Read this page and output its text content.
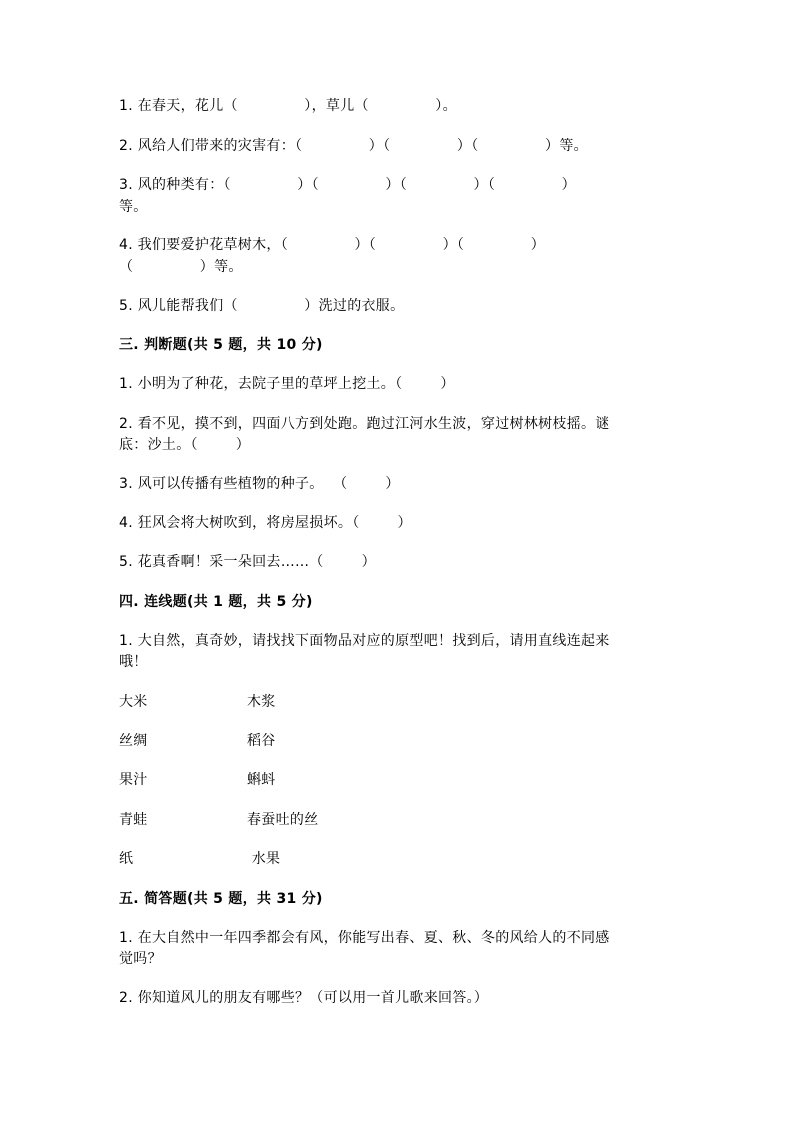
1. 在春天，花儿（              ），草儿（              ）。
2. 风给人们带来的灾害有：（              ）（              ）（              ）等。
3. 风的种类有：（              ）（              ）（              ）（              ）
等。
4. 我们要爱护花草树木，（              ）（              ）（              ）
（              ）等。
5. 风儿能帮我们（              ）洗过的衣服。
三. 判断题(共 5 题，共 10 分)
1. 小明为了种花，去院子里的草坪上挖土。（        ）
2. 看不见，摸不到，四面八方到处跑。跑过江河水生波，穿过树林树枝摇。谜
底：沙土。（        ）
3. 风可以传播有些植物的种子。  （        ）
4. 狂风会将大树吹到，将房屋损坏。（        ）
5. 花真香啊！采一朵回去……（        ）
四. 连线题(共 1 题，共 5 分)
1. 大自然，真奇妙，请找找下面物品对应的原型吧！找到后，请用直线连起来
哦！
大米	木浆
丝绸	稻谷
果汁	蝌蚪
青蛙	春蚕吐的丝
纸	水果
五. 简答题(共 5 题，共 31 分)
1. 在大自然中一年四季都会有风，你能写出春、夏、秋、冬的风给人的不同感
觉吗？
2. 你知道风儿的朋友有哪些？（可以用一首儿歌来回答。）
